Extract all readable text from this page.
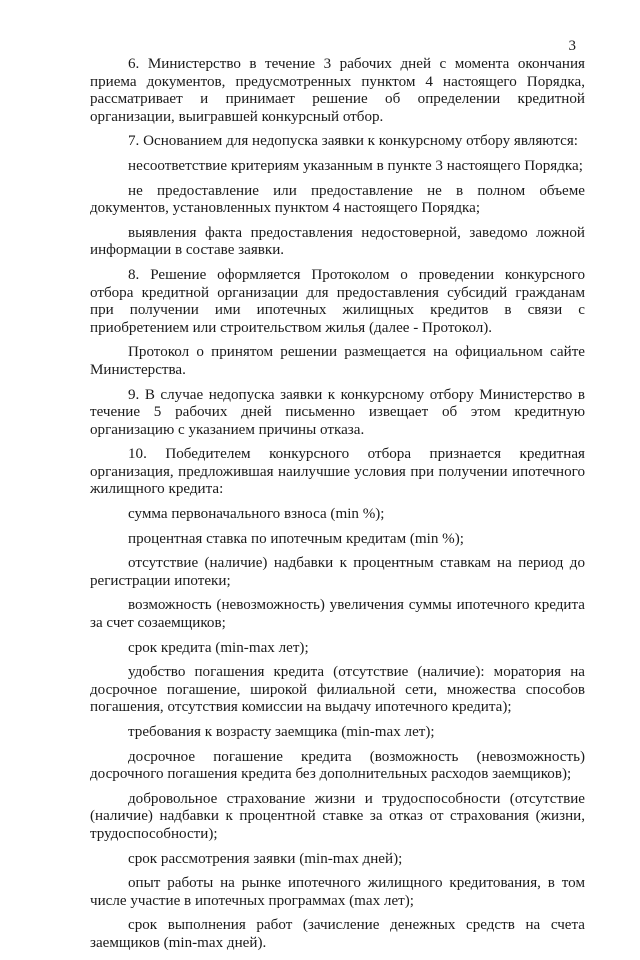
3

6. Министерство в течение 3 рабочих дней с момента окончания приема документов, предусмотренных пунктом 4 настоящего Порядка, рассматривает и принимает решение об определении кредитной организации, выигравшей конкурсный отбор.

7. Основанием для недопуска заявки к конкурсному отбору являются:

несоответствие критериям указанным в пункте 3 настоящего Порядка;

не предоставление или предоставление не в полном объеме документов, установленных пунктом 4 настоящего Порядка;

выявления факта предоставления недостоверной, заведомо ложной информации в составе заявки.

8. Решение оформляется Протоколом о проведении конкурсного отбора кредитной организации для предоставления субсидий гражданам при получении ими ипотечных жилищных кредитов в связи с приобретением или строительством жилья (далее - Протокол).

Протокол о принятом решении размещается на официальном сайте Министерства.

9. В случае недопуска заявки к конкурсному отбору Министерство в течение 5 рабочих дней письменно извещает об этом кредитную организацию с указанием причины отказа.

10. Победителем конкурсного отбора признается кредитная организация, предложившая наилучшие условия при получении ипотечного жилищного кредита:

сумма первоначального взноса (min %);

процентная ставка по ипотечным кредитам (min %);

отсутствие (наличие) надбавки к процентным ставкам на период до регистрации ипотеки;

возможность (невозможность) увеличения суммы ипотечного кредита за счет созаемщиков;

срок кредита (min-max лет);

удобство погашения кредита (отсутствие (наличие): моратория на досрочное погашение, широкой филиальной сети, множества способов погашения, отсутствия комиссии на выдачу ипотечного кредита);

требования к возрасту заемщика (min-max лет);

досрочное погашение кредита (возможность (невозможность) досрочного погашения кредита без дополнительных расходов заемщиков);

добровольное страхование жизни и трудоспособности (отсутствие (наличие) надбавки к процентной ставке за отказ от страхования (жизни, трудоспособности);

срок рассмотрения заявки (min-max дней);

опыт работы на рынке ипотечного жилищного кредитования, в том числе участие в ипотечных программах (max лет);

срок выполнения работ (зачисление денежных средств на счета заемщиков (min-max дней).
